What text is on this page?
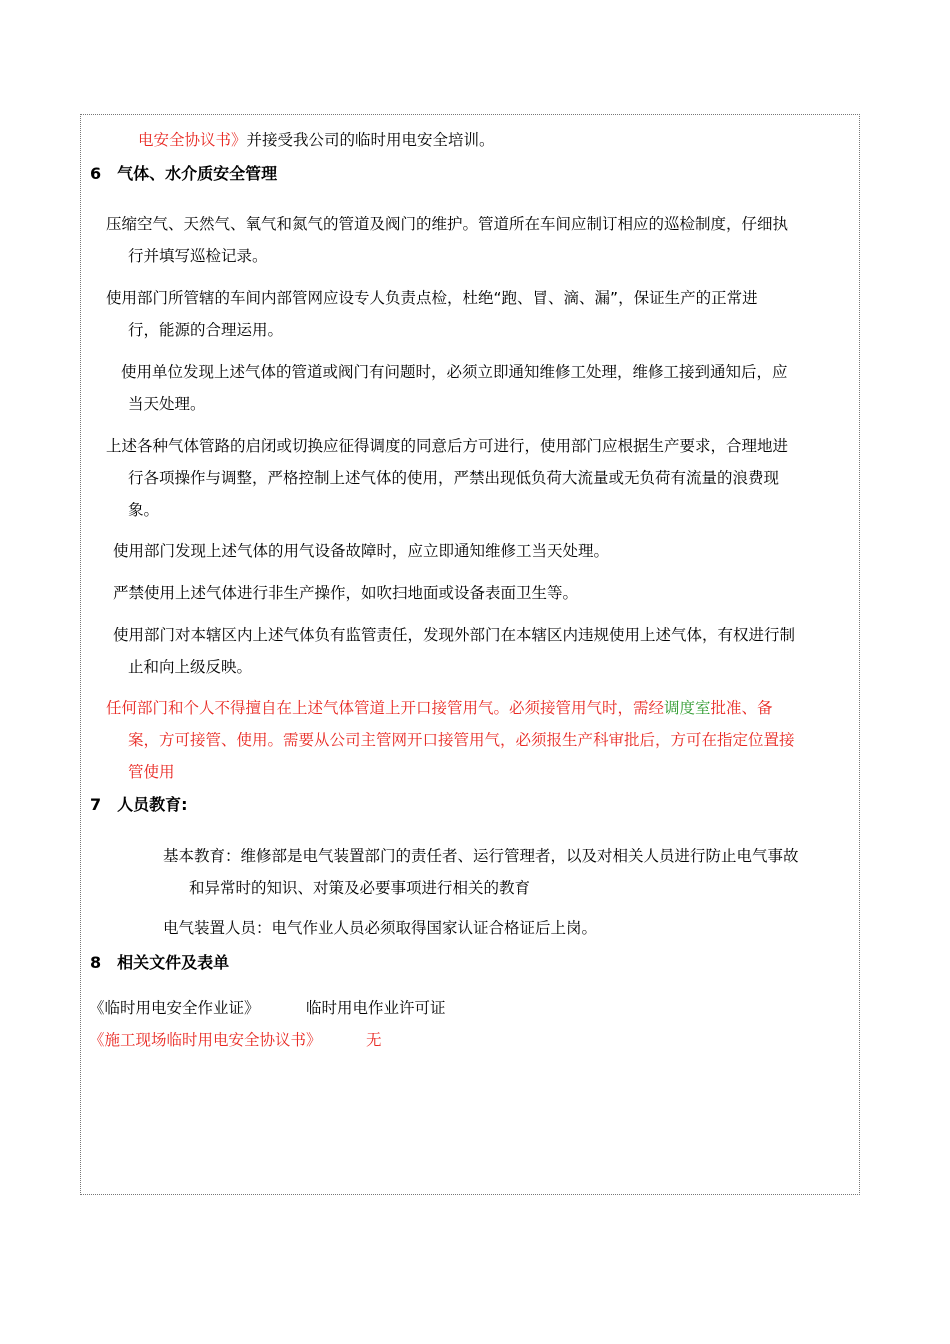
电安全协议书》并接受我公司的临时用电安全培训。
6 气体、水介质安全管理
压缩空气、天然气、氧气和氮气的管道及阀门的维护。管道所在车间应制订相应的巡检制度，仔细执
行并填写巡检记录。
使用部门所管辖的车间内部管网应设专人负责点检，杜绝“跑、冒、滴、漏”，保证生产的正常进
行，能源的合理运用。
使用单位发现上述气体的管道或阀门有问题时，必须立即通知维修工处理，维修工接到通知后，应
当天处理。
上述各种气体管路的启闭或切换应征得调度的同意后方可进行，使用部门应根据生产要求，合理地进
行各项操作与调整，严格控制上述气体的使用，严禁出现低负荷大流量或无负荷有流量的浪费现
象。
使用部门发现上述气体的用气设备故障时，应立即通知维修工当天处理。
严禁使用上述气体进行非生产操作，如吹扫地面或设备表面卫生等。
使用部门对本辖区内上述气体负有监管责任，发现外部门在本辖区内违规使用上述气体，有权进行制
止和向上级反映。
任何部门和个人不得擅自在上述气体管道上开口接管用气。必须接管用气时，需经调度室批准、备
案，方可接管、使用。需要从公司主管网开口接管用气，必须报生产科审批后，方可在指定位置接
管使用
7 人员教育:
基本教育：维修部是电气装置部门的责任者、运行管理者，以及对相关人员进行防止电气事故
和异常时的知识、对策及必要事项进行相关的教育
电气装置人员：电气作业人员必须取得国家认证合格证后上岗。
8 相关文件及表单
《临时用电安全作业证》	临时用电作业许可证
《施工现场临时用电安全协议书》	无
